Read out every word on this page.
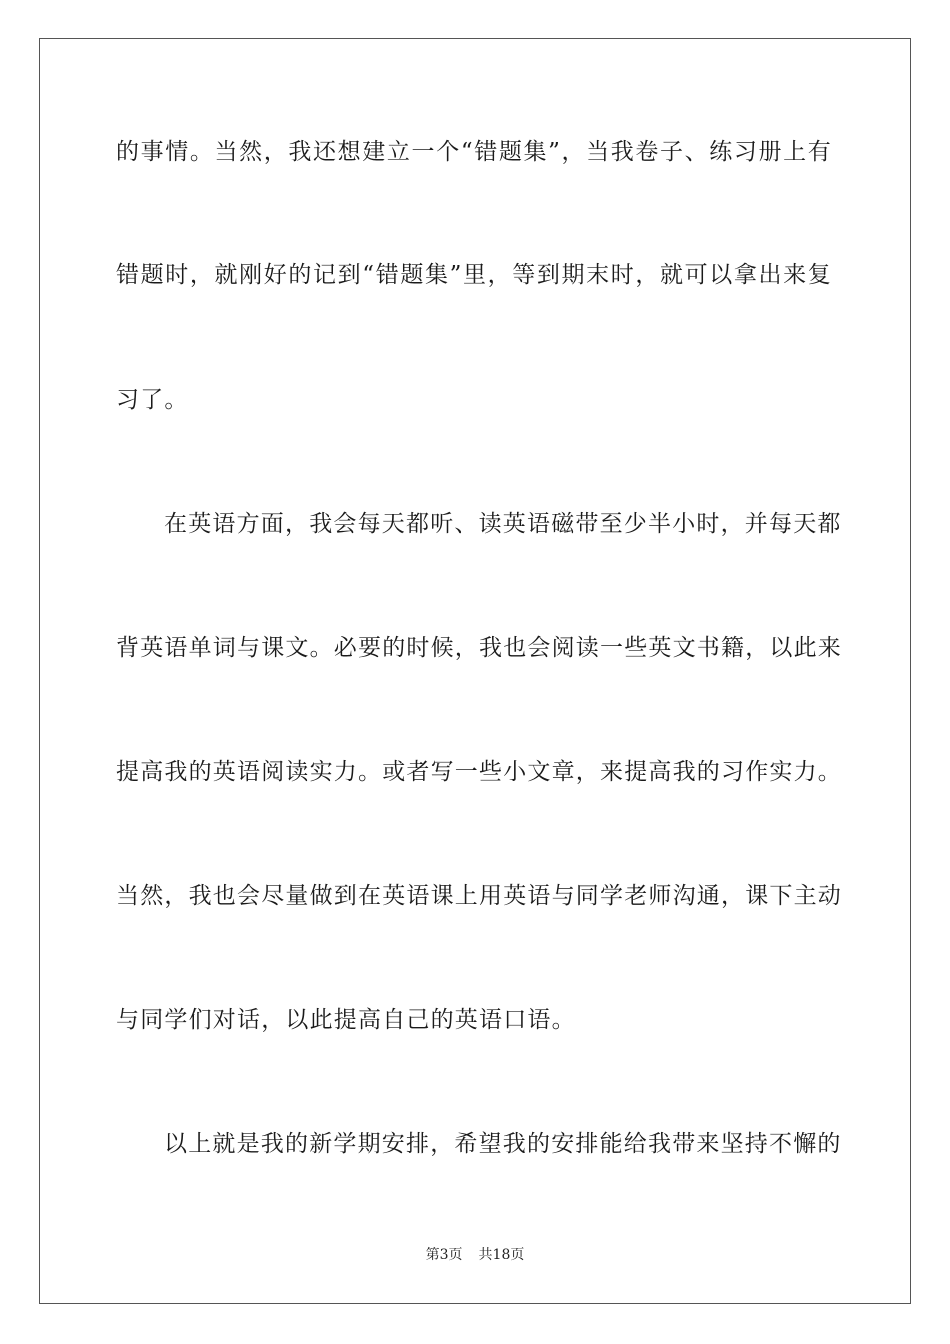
的事情。当然，我还想建立一个“错题集”，当我卷子、练习册上有
错题时，就刚好的记到“错题集”里，等到期末时，就可以拿出来复
习了。
在英语方面，我会每天都听、读英语磁带至少半小时，并每天都
背英语单词与课文。必要的时候，我也会阅读一些英文书籍，以此来
提高我的英语阅读实力。或者写一些小文章，来提高我的习作实力。
当然，我也会尽量做到在英语课上用英语与同学老师沟通，课下主动
与同学们对话，以此提高自己的英语口语。
以上就是我的新学期安排，希望我的安排能给我带来坚持不懈的
第3页 共18页
